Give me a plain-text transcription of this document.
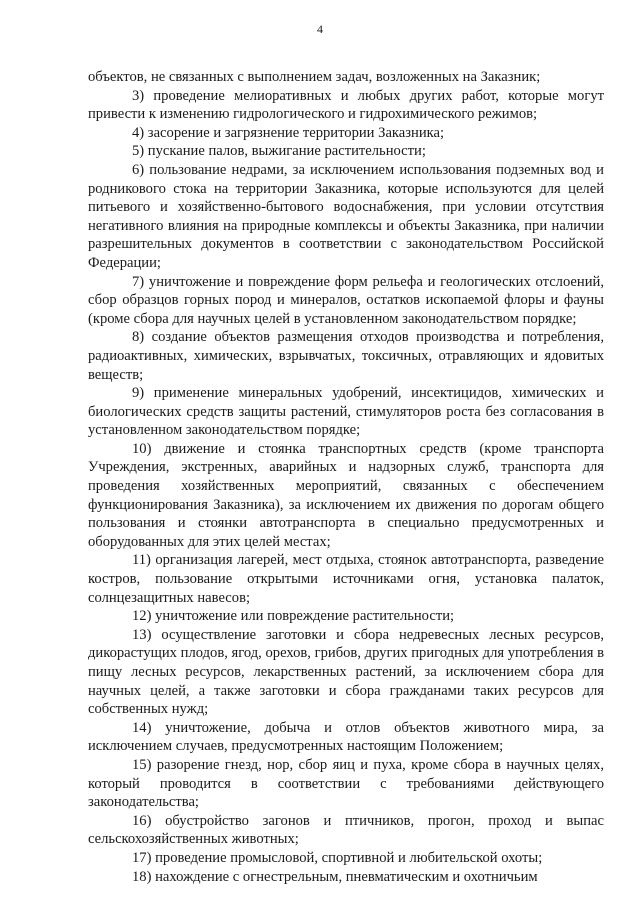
4

объектов, не связанных с выполнением задач, возложенных на Заказник;

3) проведение мелиоративных и любых других работ, которые могут привести к изменению гидрологического и гидрохимического режимов;

4) засорение и загрязнение территории Заказника;

5) пускание палов, выжигание растительности;

6) пользование недрами, за исключением использования подземных вод и родникового стока на территории Заказника, которые используются для целей питьевого и хозяйственно-бытового водоснабжения, при условии отсутствия негативного влияния на природные комплексы и объекты Заказника, при наличии разрешительных документов в соответствии с законодательством Российской Федерации;

7) уничтожение и повреждение форм рельефа и геологических отслоений, сбор образцов горных пород и минералов, остатков ископаемой флоры и фауны (кроме сбора для научных целей в установленном законодательством порядке;

8) создание объектов размещения отходов производства и потребления, радиоактивных, химических, взрывчатых, токсичных, отравляющих и ядовитых веществ;

9) применение минеральных удобрений, инсектицидов, химических и биологических средств защиты растений, стимуляторов роста без согласования в установленном законодательством порядке;

10) движение и стоянка транспортных средств (кроме транспорта Учреждения, экстренных, аварийных и надзорных служб, транспорта для проведения хозяйственных мероприятий, связанных с обеспечением функционирования Заказника), за исключением их движения по дорогам общего пользования и стоянки автотранспорта в специально предусмотренных и оборудованных для этих целей местах;

11) организация лагерей, мест отдыха, стоянок автотранспорта, разведение костров, пользование открытыми источниками огня, установка палаток, солнцезащитных навесов;

12) уничтожение или повреждение растительности;

13) осуществление заготовки и сбора недревесных лесных ресурсов, дикорастущих плодов, ягод, орехов, грибов, других пригодных для употребления в пищу лесных ресурсов, лекарственных растений, за исключением сбора для научных целей, а также заготовки и сбора гражданами таких ресурсов для собственных нужд;

14) уничтожение, добыча и отлов объектов животного мира, за исключением случаев, предусмотренных настоящим Положением;

15) разорение гнезд, нор, сбор яиц и пуха, кроме сбора в научных целях, который проводится в соответствии с требованиями действующего законодательства;

16) обустройство загонов и птичников, прогон, проход и выпас сельскохозяйственных животных;

17) проведение промысловой, спортивной и любительской охоты;

18) нахождение с огнестрельным, пневматическим и охотничьим
